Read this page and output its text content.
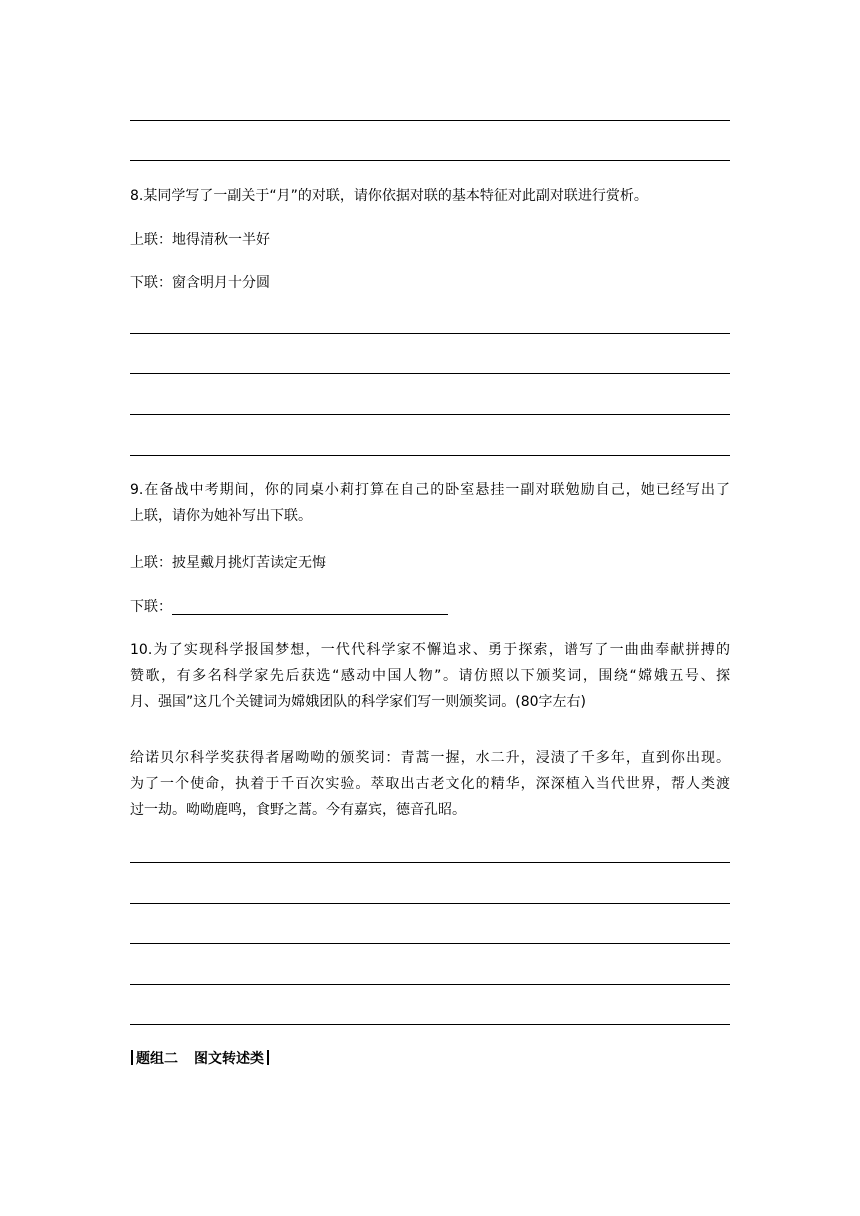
8.某同学写了一副关于“月”的对联，请你依据对联的基本特征对此副对联进行赏析。
上联：地得清秋一半好
下联：窗含明月十分圆
9.在备战中考期间，你的同桌小莉打算在自己的卧室悬挂一副对联勉励自己，她已经写出了
上联，请你为她补写出下联。
上联：披星戴月挑灯苦读定无悔
下联：
10.为了实现科学报国梦想，一代代科学家不懈追求、勇于探索，谱写了一曲曲奉献拼搏的
赞歌，有多名科学家先后获选“感动中国人物”。请仿照以下颁奖词，围绕“嫦娥五号、探
月、强国”这几个关键词为嫦娥团队的科学家们写一则颁奖词。(80字左右)
给诺贝尔科学奖获得者屠呦呦的颁奖词：青蒿一握，水二升，浸渍了千多年，直到你出现。
为了一个使命，执着于千百次实验。萃取出古老文化的精华，深深植入当代世界，帮人类渡
过一劫。呦呦鹿鸣，食野之蒿。今有嘉宾，德音孔昭。
题组二 图文转述类
